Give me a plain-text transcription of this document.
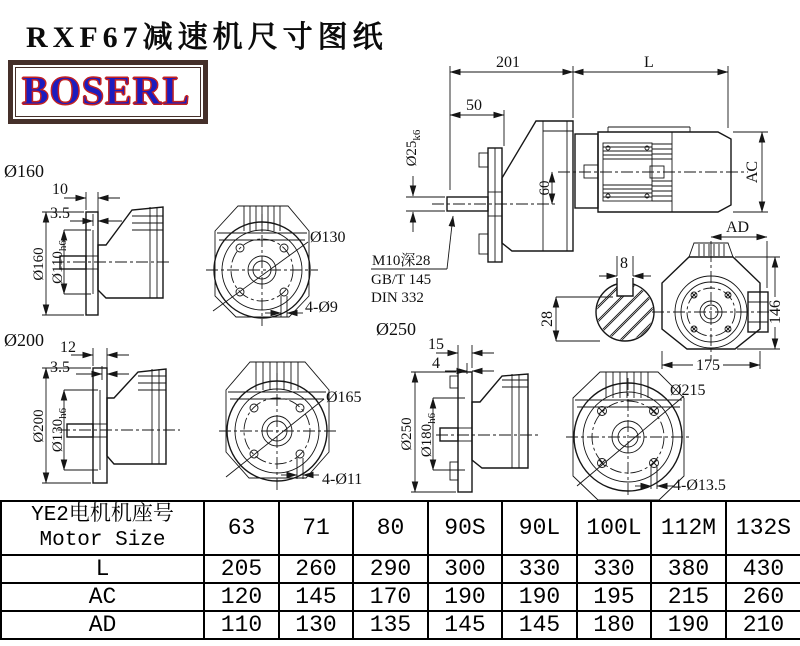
RXF67减速机尺寸图纸
BOSERL
201	L
50
$Ø25_{k6}$
60
AC
M10深28
GB/T 145
DIN 332
Ø160
Ø200
Ø250
10
3.5
Ø160 $Ø110_{h6}$	Ø130
4-Ø9
8
28
12
3.5
Ø200 $Ø130_{h6}$
Ø165
4-Ø11
15
4
Ø250 $Ø180_{h6}$
Ø215
4-Ø13.5
AD
146
175
YE2电机机座号
Motor Size	63	71	80	90S	90L	100L	112M	132S
L	205	260	290	300	330	330	380	430
AC	120	145	170	190	190	195	215	260
AD	110	130	135	145	145	180	190	210
